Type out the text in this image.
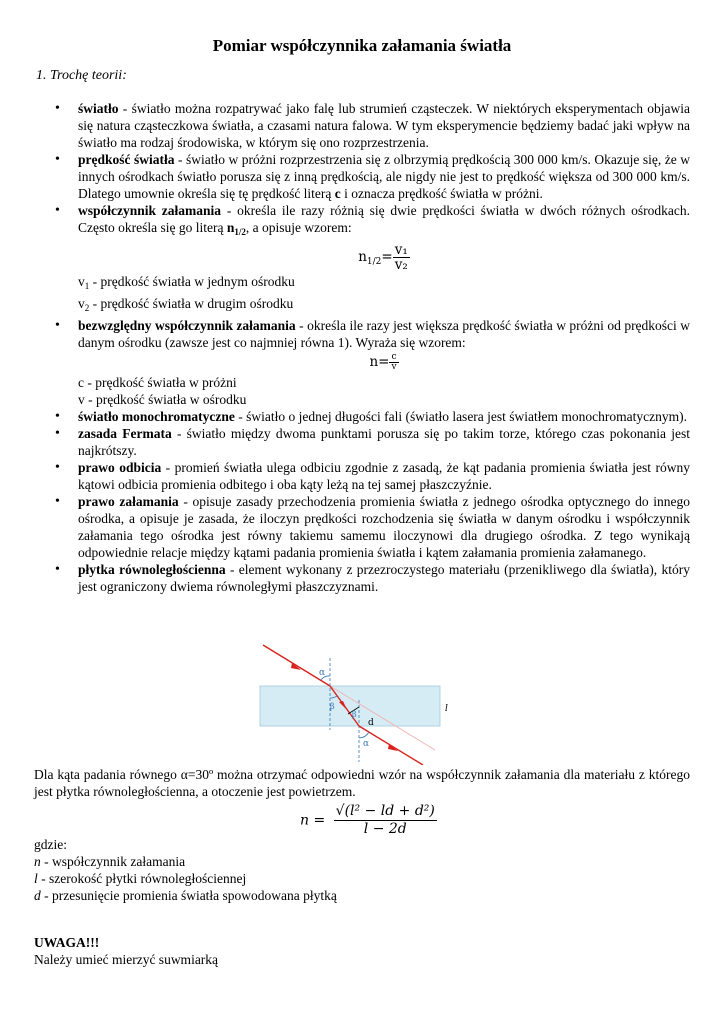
Pomiar współczynnika załamania światła
1. Trochę teorii:
• światło - światło można rozpatrywać jako falę lub strumień cząsteczek. W niektórych eksperymentach objawia się natura cząsteczkowa światła, a czasami natura falowa. W tym eksperymencie będziemy badać jaki wpływ na światło ma rodzaj środowiska, w którym się ono rozprzestrzenia.
• prędkość światła - światło w próżni rozprzestrzenia się z olbrzymią prędkością 300 000 km/s. Okazuje się, że w innych ośrodkach światło porusza się z inną prędkością, ale nigdy nie jest to prędkość większa od 300 000 km/s. Dlatego umownie określa się tę prędkość literą c i oznacza prędkość światła w próżni.
• współczynnik załamania - określa ile razy różnią się dwie prędkości światła w dwóch różnych ośrodkach. Często określa się go literą $n_{1/2}$, a opisuje wzorem:
$n_{1/2}= \frac{\text{v₁}}{\text{v₂}}$
$v_1$ - prędkość światła w jednym ośrodku
$v_2$ - prędkość światła w drugim ośrodku
• bezwzględny współczynnik załamania - określa ile razy jest większa prędkość światła w próżni od prędkości w danym ośrodku (zawsze jest co najmniej równa 1). Wyraża się wzorem:
$n= \frac{c}{v}$
c - prędkość światła w próżni
v - prędkość światła w ośrodku
• światło monochromatyczne - światło o jednej długości fali (światło lasera jest światłem monochromatycznym).
• zasada Fermata - światło między dwoma punktami porusza się po takim torze, którego czas pokonania jest najkrótszy.
• prawo odbicia - promień światła ulega odbiciu zgodnie z zasadą, że kąt padania promienia światła jest równy kątowi odbicia promienia odbitego i oba kąty leżą na tej samej płaszczyźnie.
• prawo załamania - opisuje zasady przechodzenia promienia światła z jednego ośrodka optycznego do innego ośrodka, a opisuje je zasada, że iloczyn prędkości rozchodzenia się światła w danym ośrodku i współczynnik załamania tego ośrodka jest równy takiemu samemu iloczynowi dla drugiego ośrodka. Z tego wynikają odpowiednie relacje między kątami padania promienia światła i kątem załamania promienia załamanego.
• płytka równoległościenna - element wykonany z przezroczystego materiału (przenikliwego dla światła), który jest ograniczony dwiema równoległymi płaszczyznami.
α
β
β
d
l
α
Dla kąta padania równego α=30º można otrzymać odpowiedni wzór na współczynnik załamania dla materiału z którego jest płytka równoległościenna, a otoczenie jest powietrzem.
$n = \frac{\text{√(l² − ld + d²)}}{l - 2d}$
gdzie:
n - współczynnik załamania
l - szerokość płytki równoległościennej
d - przesunięcie promienia światła spowodowana płytką
UWAGA!!!
Należy umieć mierzyć suwmiarką
